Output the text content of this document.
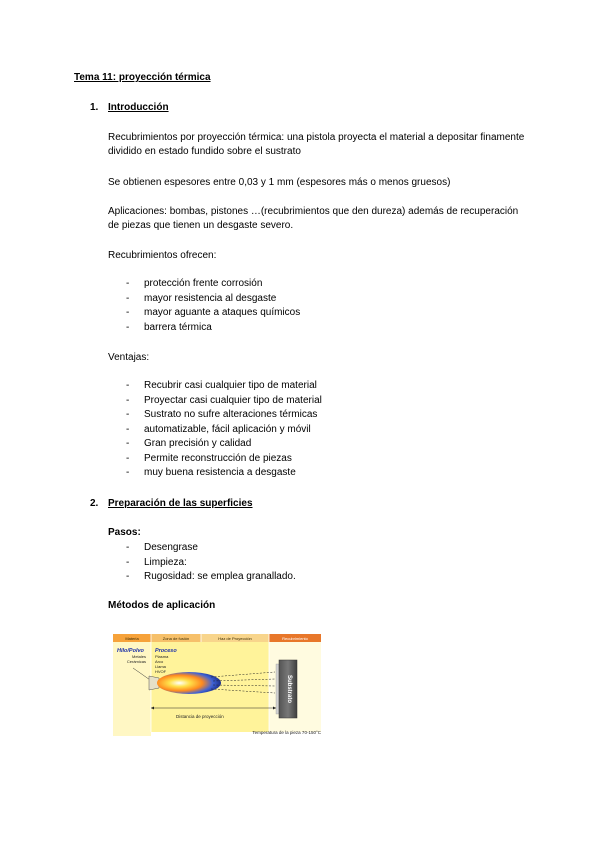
Tema 11: proyección térmica
1. Introducción
Recubrimientos por proyección térmica: una pistola proyecta el material a depositar finamente dividido en estado fundido sobre el sustrato
Se obtienen espesores entre 0,03 y 1 mm (espesores más o menos gruesos)
Aplicaciones: bombas, pistones …(recubrimientos que den dureza) además de recuperación de piezas que tienen un desgaste severo.
Recubrimientos ofrecen:
- protección frente corrosión
- mayor resistencia al desgaste
- mayor aguante a ataques químicos
- barrera térmica
Ventajas:
- Recubrir casi cualquier tipo de material
- Proyectar casi cualquier tipo de material
- Sustrato no sufre alteraciones térmicas
- automatizable, fácil aplicación y móvil
- Gran precisión y calidad
- Permite reconstrucción de piezas
- muy buena resistencia a desgaste
2. Preparación de las superficies
Pasos:
- Desengrase
- Limpieza:
- Rugosidad: se emplea granallado.
Métodos de aplicación
Materia	Zona de fusión	Haz de Proyección	Recubrimiento
Hilo/Polvo
Metales
Cerámicas
Proceso
Plasma
Arco
Llama
HVOF
Substrato
Distancia de proyección
Temperatura de la pieza 70-150°C
